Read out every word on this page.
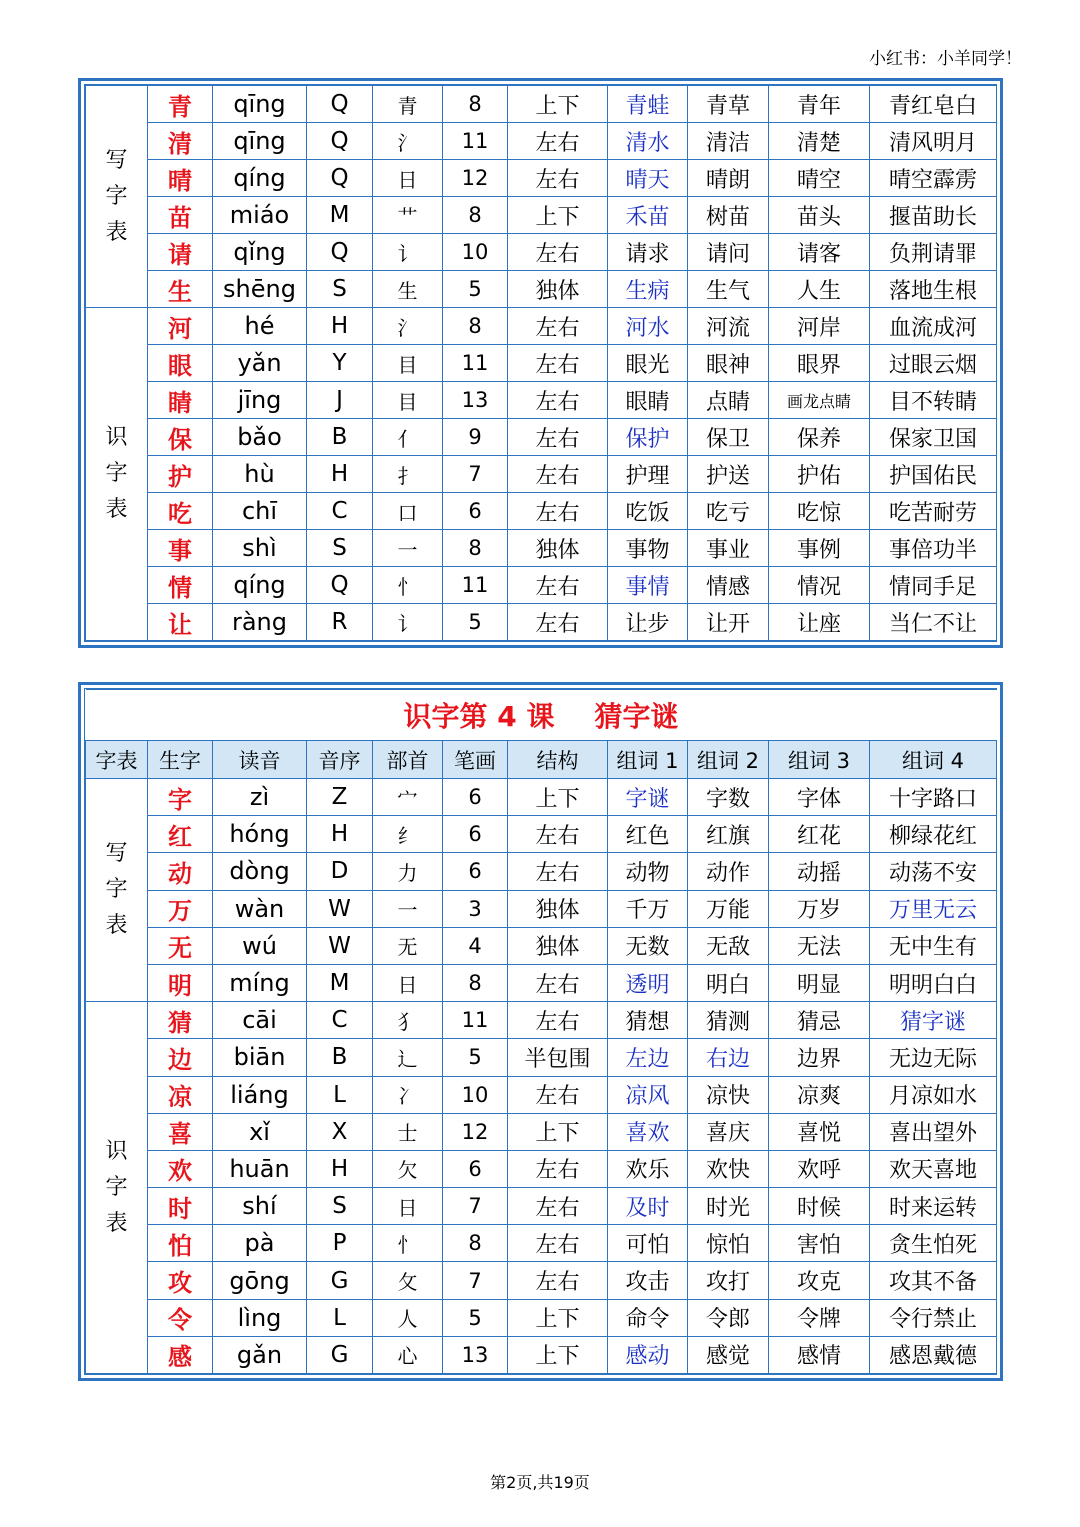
小红书：小羊同学！
写
字
表	青	qīng	Q	青	8	上下	青蛙	青草	青年	青红皂白
	清	qīng	Q	氵	11	左右	清水	清洁	清楚	清风明月
	晴	qíng	Q	日	12	左右	晴天	晴朗	晴空	晴空霹雳
	苗	miáo	M	艹	8	上下	禾苗	树苗	苗头	揠苗助长
	请	qǐng	Q	讠	10	左右	请求	请问	请客	负荆请罪
	生	shēng	S	生	5	独体	生病	生气	人生	落地生根

识
字
表	河	hé	H	氵	8	左右	河水	河流	河岸	血流成河
	眼	yǎn	Y	目	11	左右	眼光	眼神	眼界	过眼云烟
	睛	jīng	J	目	13	左右	眼睛	点睛	画龙点睛	目不转睛
	保	bǎo	B	亻	9	左右	保护	保卫	保养	保家卫国
	护	hù	H	扌	7	左右	护理	护送	护佑	护国佑民
	吃	chī	C	口	6	左右	吃饭	吃亏	吃惊	吃苦耐劳
	事	shì	S	一	8	独体	事物	事业	事例	事倍功半
	情	qíng	Q	忄	11	左右	事情	情感	情况	情同手足
	让	ràng	R	讠	5	左右	让步	让开	让座	当仁不让
识字第 4 课 猜字谜										
字表	生字	读音	音序	部首	笔画	结构	组词 1	组词 2	组词 3	组词 4

写
字
表	字	zì	Z	宀	6	上下	字谜	字数	字体	十字路口
	红	hóng	H	纟	6	左右	红色	红旗	红花	柳绿花红
	动	dòng	D	力	6	左右	动物	动作	动摇	动荡不安
	万	wàn	W	一	3	独体	千万	万能	万岁	万里无云
	无	wú	W	无	4	独体	无数	无敌	无法	无中生有
	明	míng	M	日	8	左右	透明	明白	明显	明明白白

识
字
表	猜	cāi	C	犭	11	左右	猜想	猜测	猜忌	猜字谜
	边	biān	B	辶	5	半包围	左边	右边	边界	无边无际
	凉	liáng	L	冫	10	左右	凉风	凉快	凉爽	月凉如水
	喜	xǐ	X	士	12	上下	喜欢	喜庆	喜悦	喜出望外
	欢	huān	H	欠	6	左右	欢乐	欢快	欢呼	欢天喜地
	时	shí	S	日	7	左右	及时	时光	时候	时来运转
	怕	pà	P	忄	8	左右	可怕	惊怕	害怕	贪生怕死
	攻	gōng	G	攵	7	左右	攻击	攻打	攻克	攻其不备
	令	lìng	L	人	5	上下	命令	令郎	令牌	令行禁止
	感	gǎn	G	心	13	上下	感动	感觉	感情	感恩戴德
第2页,共19页
